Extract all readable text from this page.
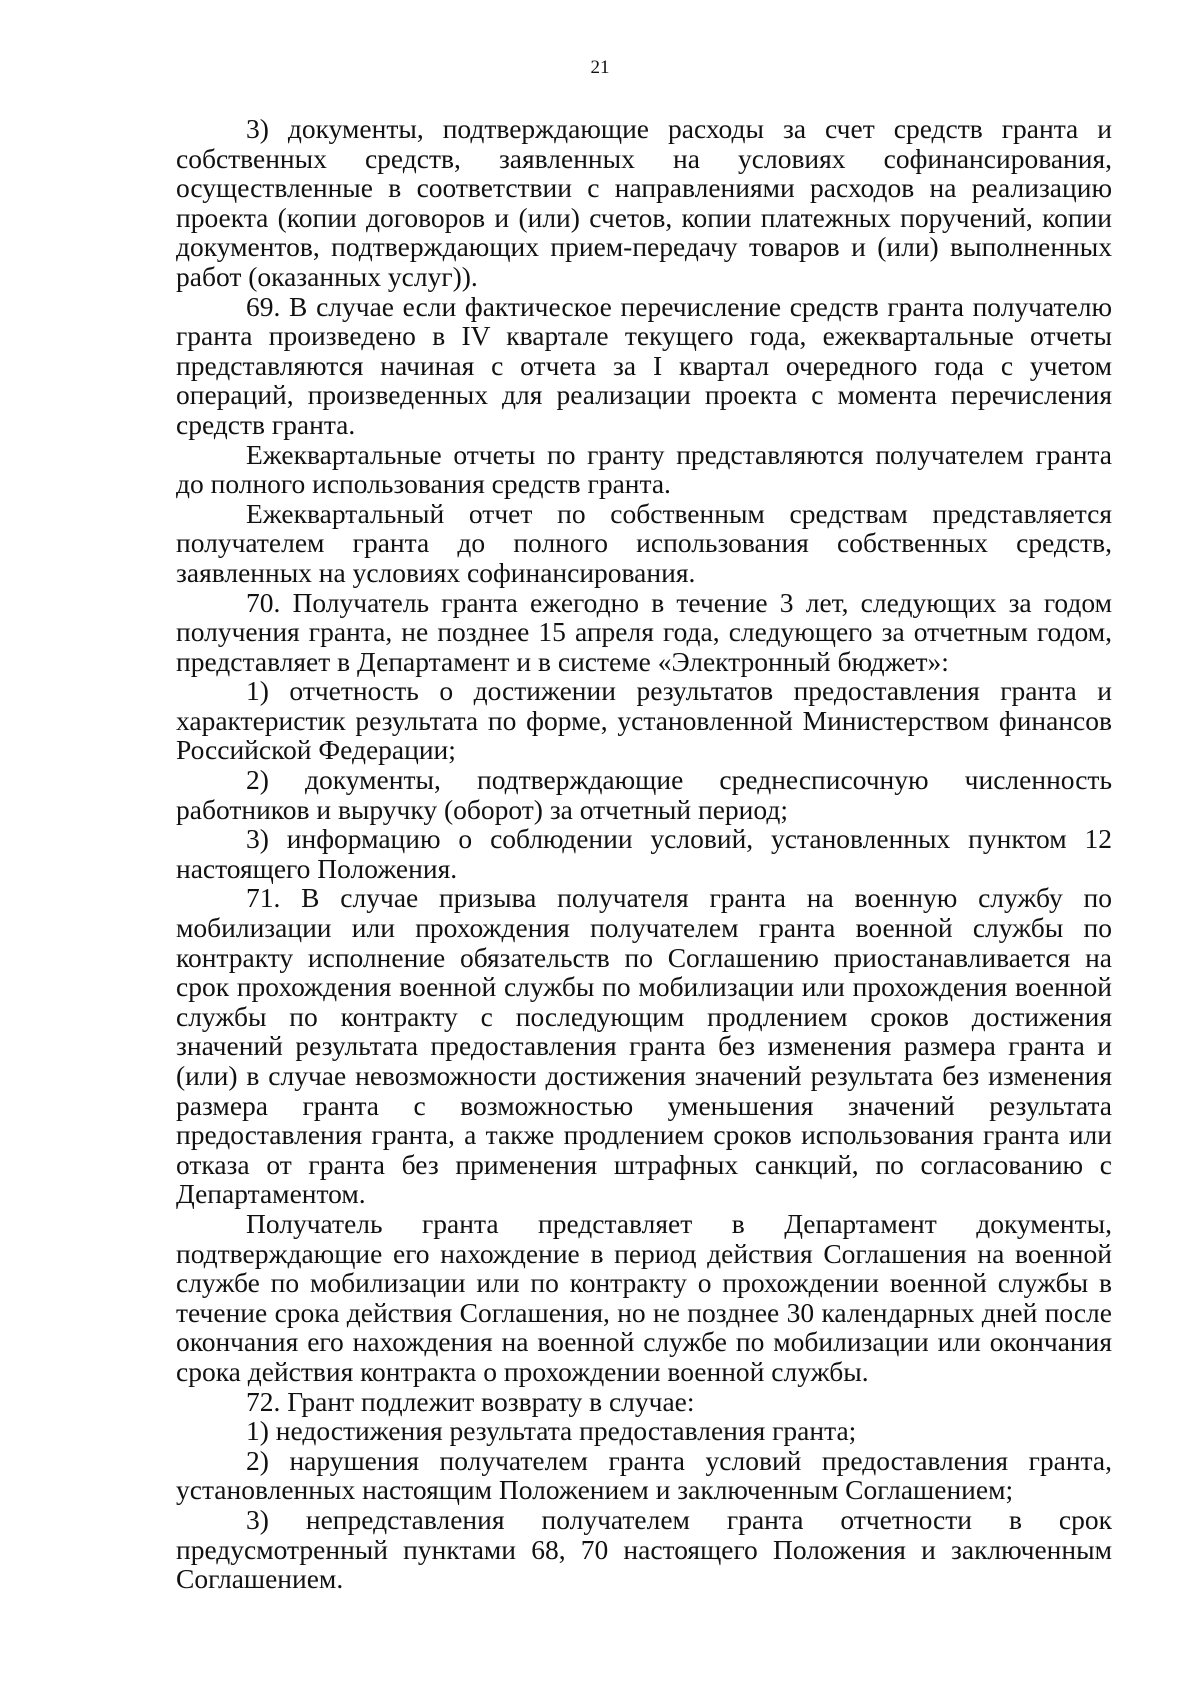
21

3) документы, подтверждающие расходы за счет средств гранта и собственных средств, заявленных на условиях софинансирования, осуществленные в соответствии с направлениями расходов на реализацию проекта (копии договоров и (или) счетов, копии платежных поручений, копии документов, подтверждающих прием-передачу товаров и (или) выполненных работ (оказанных услуг)).

69. В случае если фактическое перечисление средств гранта получателю гранта произведено в IV квартале текущего года, ежеквартальные отчеты представляются начиная с отчета за I квартал очередного года с учетом операций, произведенных для реализации проекта с момента перечисления средств гранта.

Ежеквартальные отчеты по гранту представляются получателем гранта до полного использования средств гранта.

Ежеквартальный отчет по собственным средствам представляется получателем гранта до полного использования собственных средств, заявленных на условиях софинансирования.

70. Получатель гранта ежегодно в течение 3 лет, следующих за годом получения гранта, не позднее 15 апреля года, следующего за отчетным годом, представляет в Департамент и в системе «Электронный бюджет»:

1) отчетность о достижении результатов предоставления гранта и характеристик результата по форме, установленной Министерством финансов Российской Федерации;

2) документы, подтверждающие среднесписочную численность работников и выручку (оборот) за отчетный период;

3) информацию о соблюдении условий, установленных пунктом 12 настоящего Положения.

71. В случае призыва получателя гранта на военную службу по мобилизации или прохождения получателем гранта военной службы по контракту исполнение обязательств по Соглашению приостанавливается на срок прохождения военной службы по мобилизации или прохождения военной службы по контракту с последующим продлением сроков достижения значений результата предоставления гранта без изменения размера гранта и (или) в случае невозможности достижения значений результата без изменения размера гранта с возможностью уменьшения значений результата предоставления гранта, а также продлением сроков использования гранта или отказа от гранта без применения штрафных санкций, по согласованию с Департаментом.

Получатель гранта представляет в Департамент документы, подтверждающие его нахождение в период действия Соглашения на военной службе по мобилизации или по контракту о прохождении военной службы в течение срока действия Соглашения, но не позднее 30 календарных дней после окончания его нахождения на военной службе по мобилизации или окончания срока действия контракта о прохождении военной службы.

72. Грант подлежит возврату в случае:

1) недостижения результата предоставления гранта;

2) нарушения получателем гранта условий предоставления гранта, установленных настоящим Положением и заключенным Соглашением;

3) непредставления получателем гранта отчетности в срок предусмотренный пунктами 68, 70 настоящего Положения и заключенным Соглашением.
